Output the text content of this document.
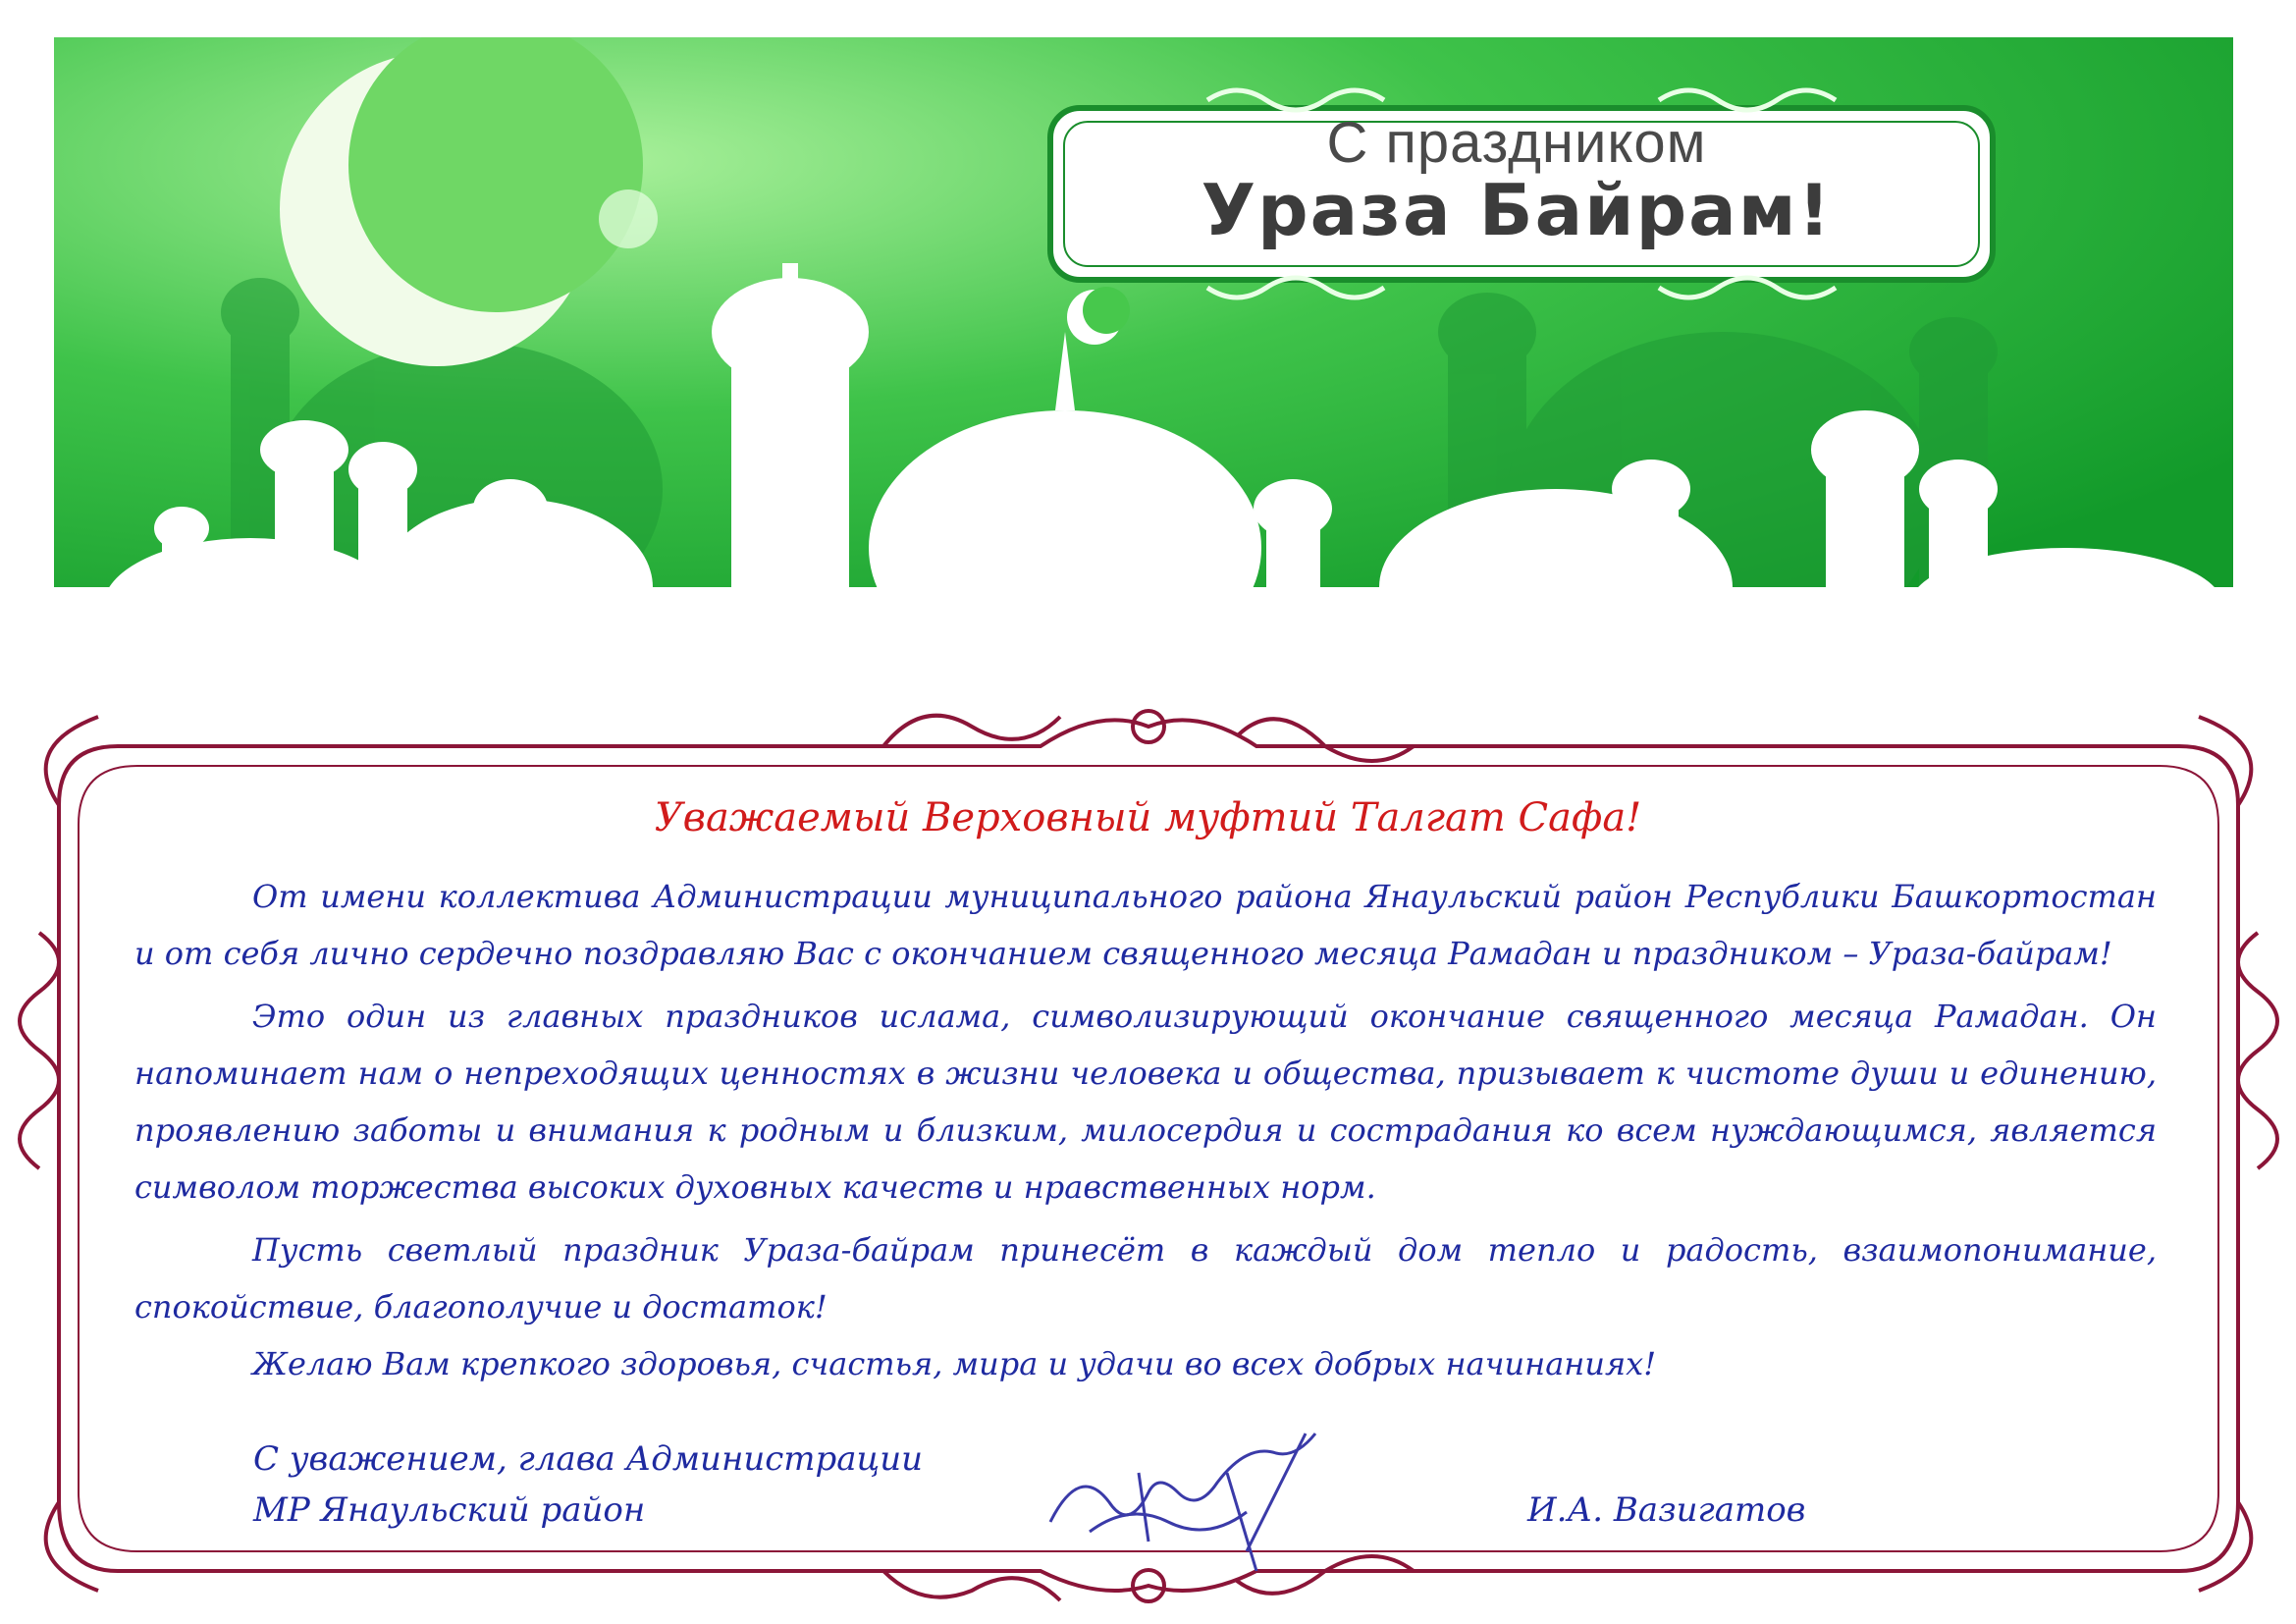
С праздником
Ураза Байрам!
Уважаемый Верховный муфтий Талгат Сафа!

От имени коллектива Администрации муниципального района Янаульский район Республики Башкортостан и от себя лично сердечно поздравляю Вас с окончанием священного месяца Рамадан и праздником – Ураза-байрам!

Это один из главных праздников ислама, символизирующий окончание священного месяца Рамадан. Он напоминает нам о непреходящих ценностях в жизни человека и общества, призывает к чистоте души и единению, проявлению заботы и внимания к родным и близким, милосердия и сострадания ко всем нуждающимся, является символом торжества высоких духовных качеств и нравственных норм.

Пусть светлый праздник Ураза-байрам принесёт в каждый дом тепло и радость, взаимопонимание, спокойствие, благополучие и достаток!

Желаю Вам крепкого здоровья, счастья, мира и удачи во всех добрых начинаниях!

С уважением, глава Администрации
МР Янаульский район	И.А. Вазигатов
